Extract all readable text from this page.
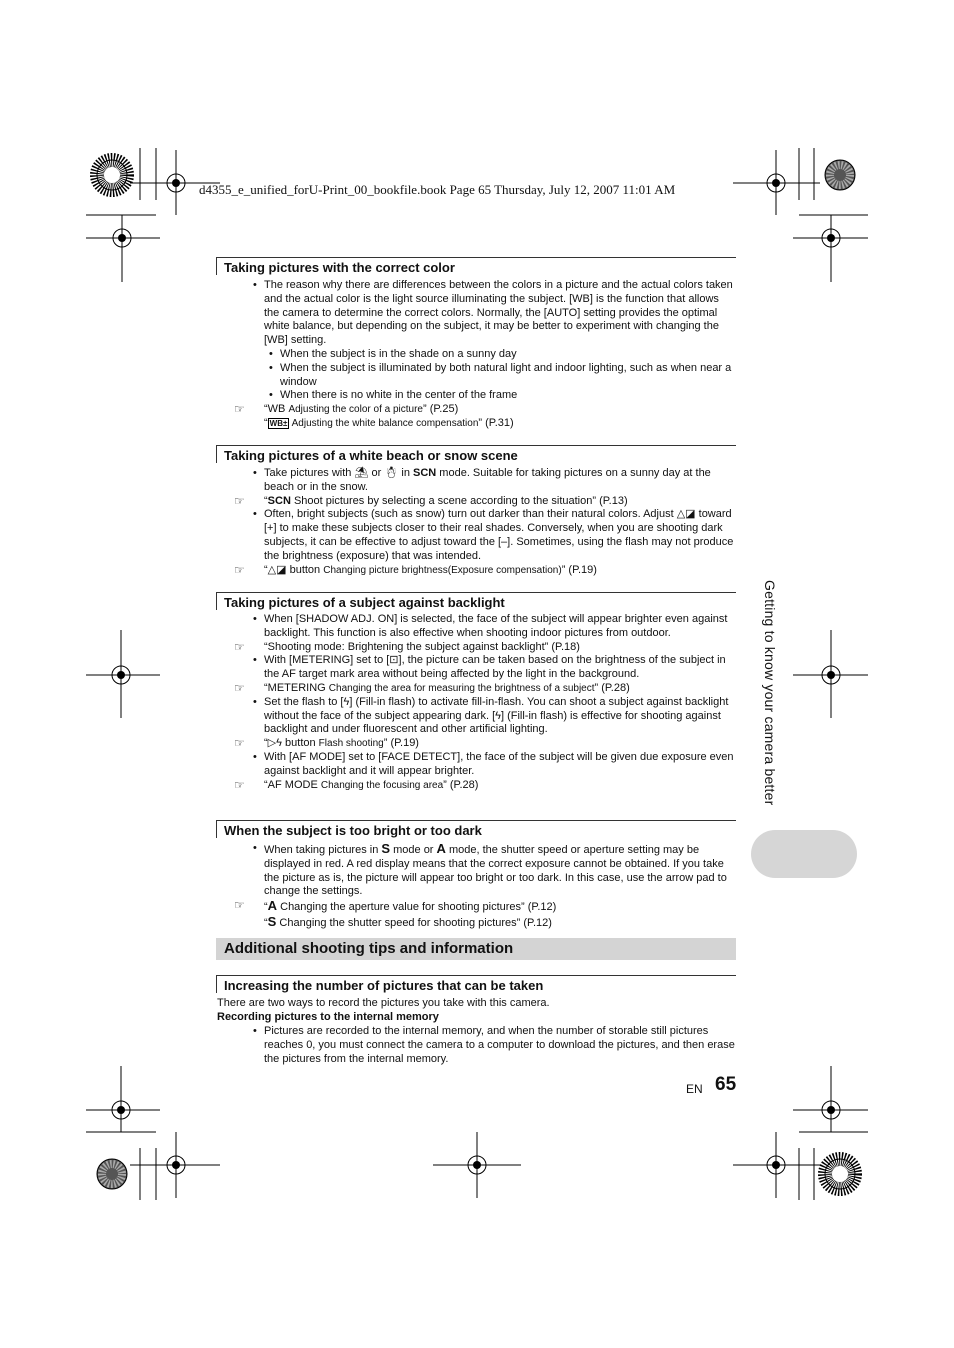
d4355_e_unified_forU-Print_00_bookfile.book Page 65 Thursday, July 12, 2007 11:01 AM
Taking pictures with the correct color
• The reason why there are differences between the colors in a picture and the actual colors taken and the actual color is the light source illuminating the subject. [WB] is the function that allows the camera to determine the correct colors. Normally, the [AUTO] setting provides the optimal white balance, but depending on the subject, it may be better to experiment with changing the [WB] setting.
• When the subject is in the shade on a sunny day
• When the subject is illuminated by both natural light and indoor lighting, such as when near a window
• When there is no white in the center of the frame
☞ “WB Adjusting the color of a picture” (P.25)
“ WB± Adjusting the white balance compensation” (P.31)
Taking pictures of a white beach or snow scene
• Take pictures with ⛱ or ☃ in SCN mode. Suitable for taking pictures on a sunny day at the beach or in the snow.
☞ “SCN Shoot pictures by selecting a scene according to the situation” (P.13)
• Often, bright subjects (such as snow) turn out darker than their natural colors. Adjust △◪ toward [+] to make these subjects closer to their real shades. Conversely, when you are shooting dark subjects, it can be effective to adjust toward the [–]. Sometimes, using the flash may not produce the brightness (exposure) that was intended.
☞ “△◪ button Changing picture brightness(Exposure compensation)” (P.19)
Taking pictures of a subject against backlight
• When [SHADOW ADJ. ON] is selected, the face of the subject will appear brighter even against backlight. This function is also effective when shooting indoor pictures from outdoor.
☞ “Shooting mode: Brightening the subject against backlight” (P.18)
• With [METERING] set to [⊡], the picture can be taken based on the brightness of the subject in the AF target mark area without being affected by the light in the background.
☞ “METERING Changing the area for measuring the brightness of a subject” (P.28)
• Set the flash to [ϟ] (Fill-in flash) to activate fill-in-flash. You can shoot a subject against backlight without the face of the subject appearing dark. [ϟ] (Fill-in flash) is effective for shooting against backlight and under fluorescent and other artificial lighting.
☞ “▷ϟ button Flash shooting” (P.19)
• With [AF MODE] set to [FACE DETECT], the face of the subject will be given due exposure even against backlight and it will appear brighter.
☞ “AF MODE Changing the focusing area” (P.28)
When the subject is too bright or too dark
• When taking pictures in S mode or A mode, the shutter speed or aperture setting may be displayed in red. A red display means that the correct exposure cannot be obtained. If you take the picture as is, the picture will appear too bright or too dark. In this case, use the arrow pad to change the settings.
☞ “A Changing the aperture value for shooting pictures” (P.12)
“S Changing the shutter speed for shooting pictures” (P.12)
Additional shooting tips and information
Increasing the number of pictures that can be taken
There are two ways to record the pictures you take with this camera.
Recording pictures to the internal memory
• Pictures are recorded to the internal memory, and when the number of storable still pictures reaches 0, you must connect the camera to a computer to download the pictures, and then erase the pictures from the internal memory.
Getting to know your camera better
EN 65
